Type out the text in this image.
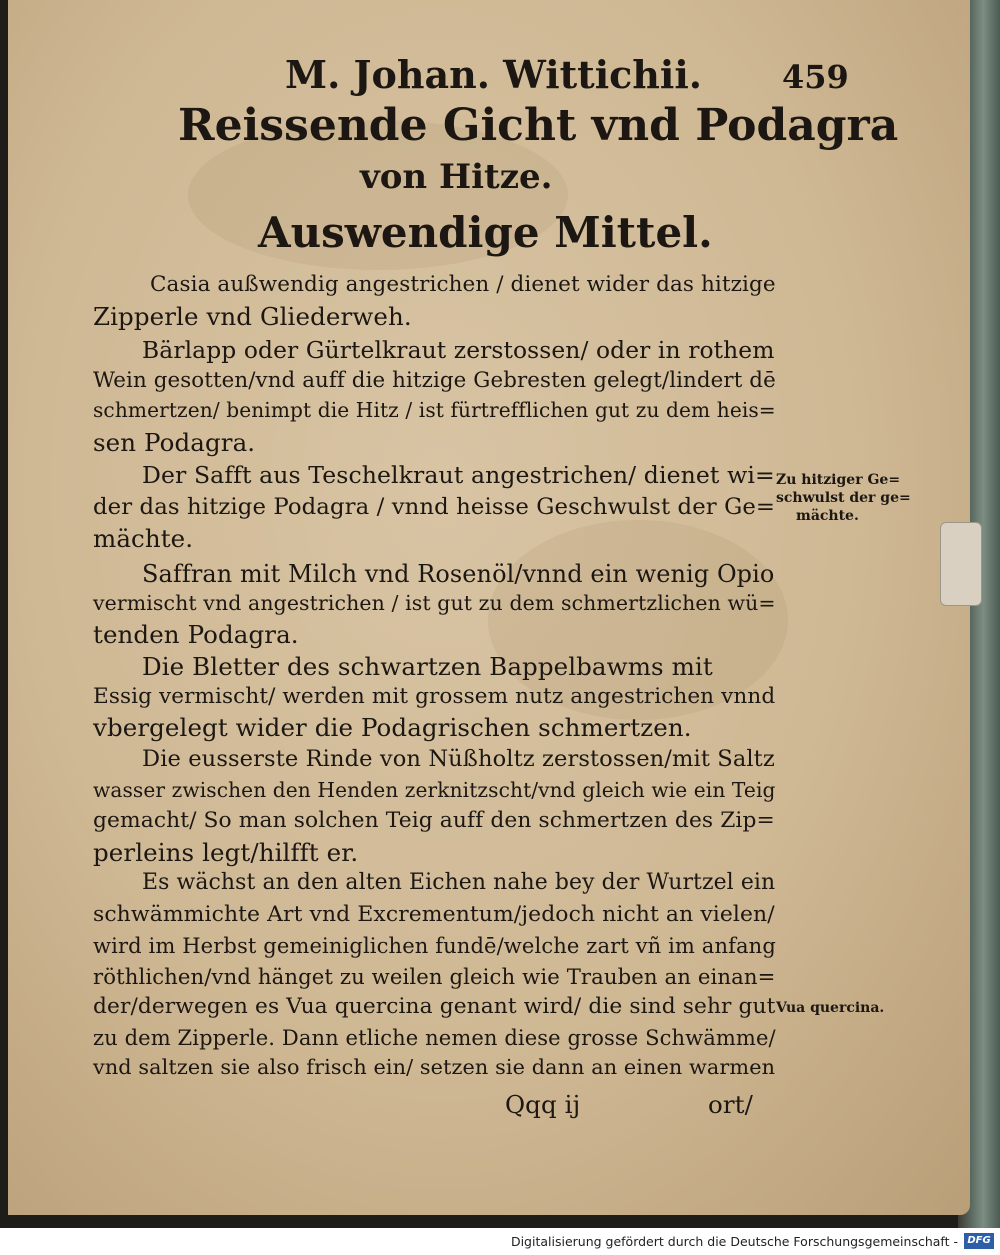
M. Johan. Wittichii. 459
Reissende Gicht vnd Podagra
von Hitze.
Auswendige Mittel.
Casia außwendig angestrichen / dienet wider das hitzige
Zipperle vnd Gliederweh.
Bärlapp oder Gürtelkraut zerstossen/ oder in rothem
Wein gesotten/vnd auff die hitzige Gebresten gelegt/lindert dē
schmertzen/ benimpt die Hitz / ist fürtrefflichen gut zu dem heis=
sen Podagra.
Der Safft aus Teschelkraut angestrichen/ dienet wi=
der das hitzige Podagra / vnnd heisse Geschwulst der Ge=
mächte.
Saffran mit Milch vnd Rosenöl/vnnd ein wenig Opio
vermischt vnd angestrichen / ist gut zu dem schmertzlichen wü=
tenden Podagra.
Die Bletter des schwartzen Bappelbawms mit
Essig vermischt/ werden mit grossem nutz angestrichen vnnd
vbergelegt wider die Podagrischen schmertzen.
Die eusserste Rinde von Nüßholtz zerstossen/mit Saltz
wasser zwischen den Henden zerknitzscht/vnd gleich wie ein Teig
gemacht/ So man solchen Teig auff den schmertzen des Zip=
perleins legt/hilfft er.
Es wächst an den alten Eichen nahe bey der Wurtzel ein
schwämmichte Art vnd Excrementum/jedoch nicht an vielen/
wird im Herbst gemeiniglichen fundē/welche zart vñ im anfang
röthlichen/vnd hänget zu weilen gleich wie Trauben an einan=
der/derwegen es Vua quercina genant wird/ die sind sehr gut
zu dem Zipperle. Dann etliche nemen diese grosse Schwämme/
vnd saltzen sie also frisch ein/ setzen sie dann an einen warmen
Qqq ij	ort/
Zu hitziger Ge=
schwulst der ge=
mächte.
Vua quercina.
Digitalisierung gefördert durch die Deutsche Forschungsgemeinschaft - DFG
